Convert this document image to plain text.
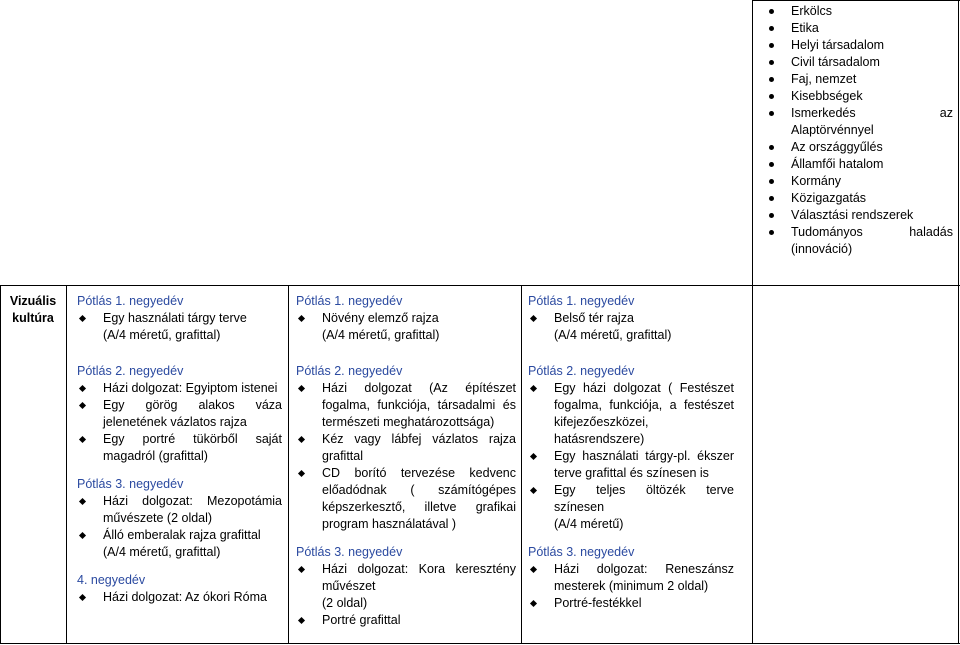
Erkölcs
Etika
Helyi társadalom
Civil társadalom
Faj, nemzet
Kisebbségek
Ismerkedés az
Alaptörvénnyel
Az országgyűlés
Államfői hatalom
Kormány
Közigazgatás
Választási rendszerek
Tudományos haladás
(innováció)
Vizuális kultúra
Pótlás 1. negyedév
Egy használati tárgy terve
(A/4 méretű, grafittal)
Pótlás 2. negyedév
Házi dolgozat: Egyiptom istenei
Egy görög alakos váza jelenetének vázlatos rajza
Egy portré tükörből saját magadról (grafittal)
Pótlás 3. negyedév
Házi dolgozat: Mezopotámia művészete (2 oldal)
Álló emberalak rajza grafittal
(A/4 méretű, grafittal)
4. negyedév
Házi dolgozat: Az ókori Róma
Pótlás 1. negyedév
Növény elemző rajza
(A/4 méretű, grafittal)
Pótlás 2. negyedév
Házi dolgozat (Az építészet fogalma, funkciója, társadalmi és természeti meghatározottsága)
Kéz vagy lábfej vázlatos rajza grafittal
CD borító tervezése kedvenc előadódnak ( számítógépes képszerkesztő, illetve grafikai program használatával )
Pótlás 3. negyedév
Házi dolgozat: Kora keresztény művészet
(2 oldal)
Portré grafittal
Pótlás 1. negyedév
Belső tér rajza
(A/4 méretű, grafittal)
Pótlás 2. negyedév
Egy házi dolgozat ( Festészet fogalma, funkciója, a festészet kifejezőeszközei, hatásrendszere)
Egy használati tárgy-pl. ékszer terve grafittal és színesen is
Egy teljes öltözék terve színesen
(A/4 méretű)
Pótlás 3. negyedév
Házi dolgozat: Reneszánsz mesterek (minimum 2 oldal)
Portré-festékkel
